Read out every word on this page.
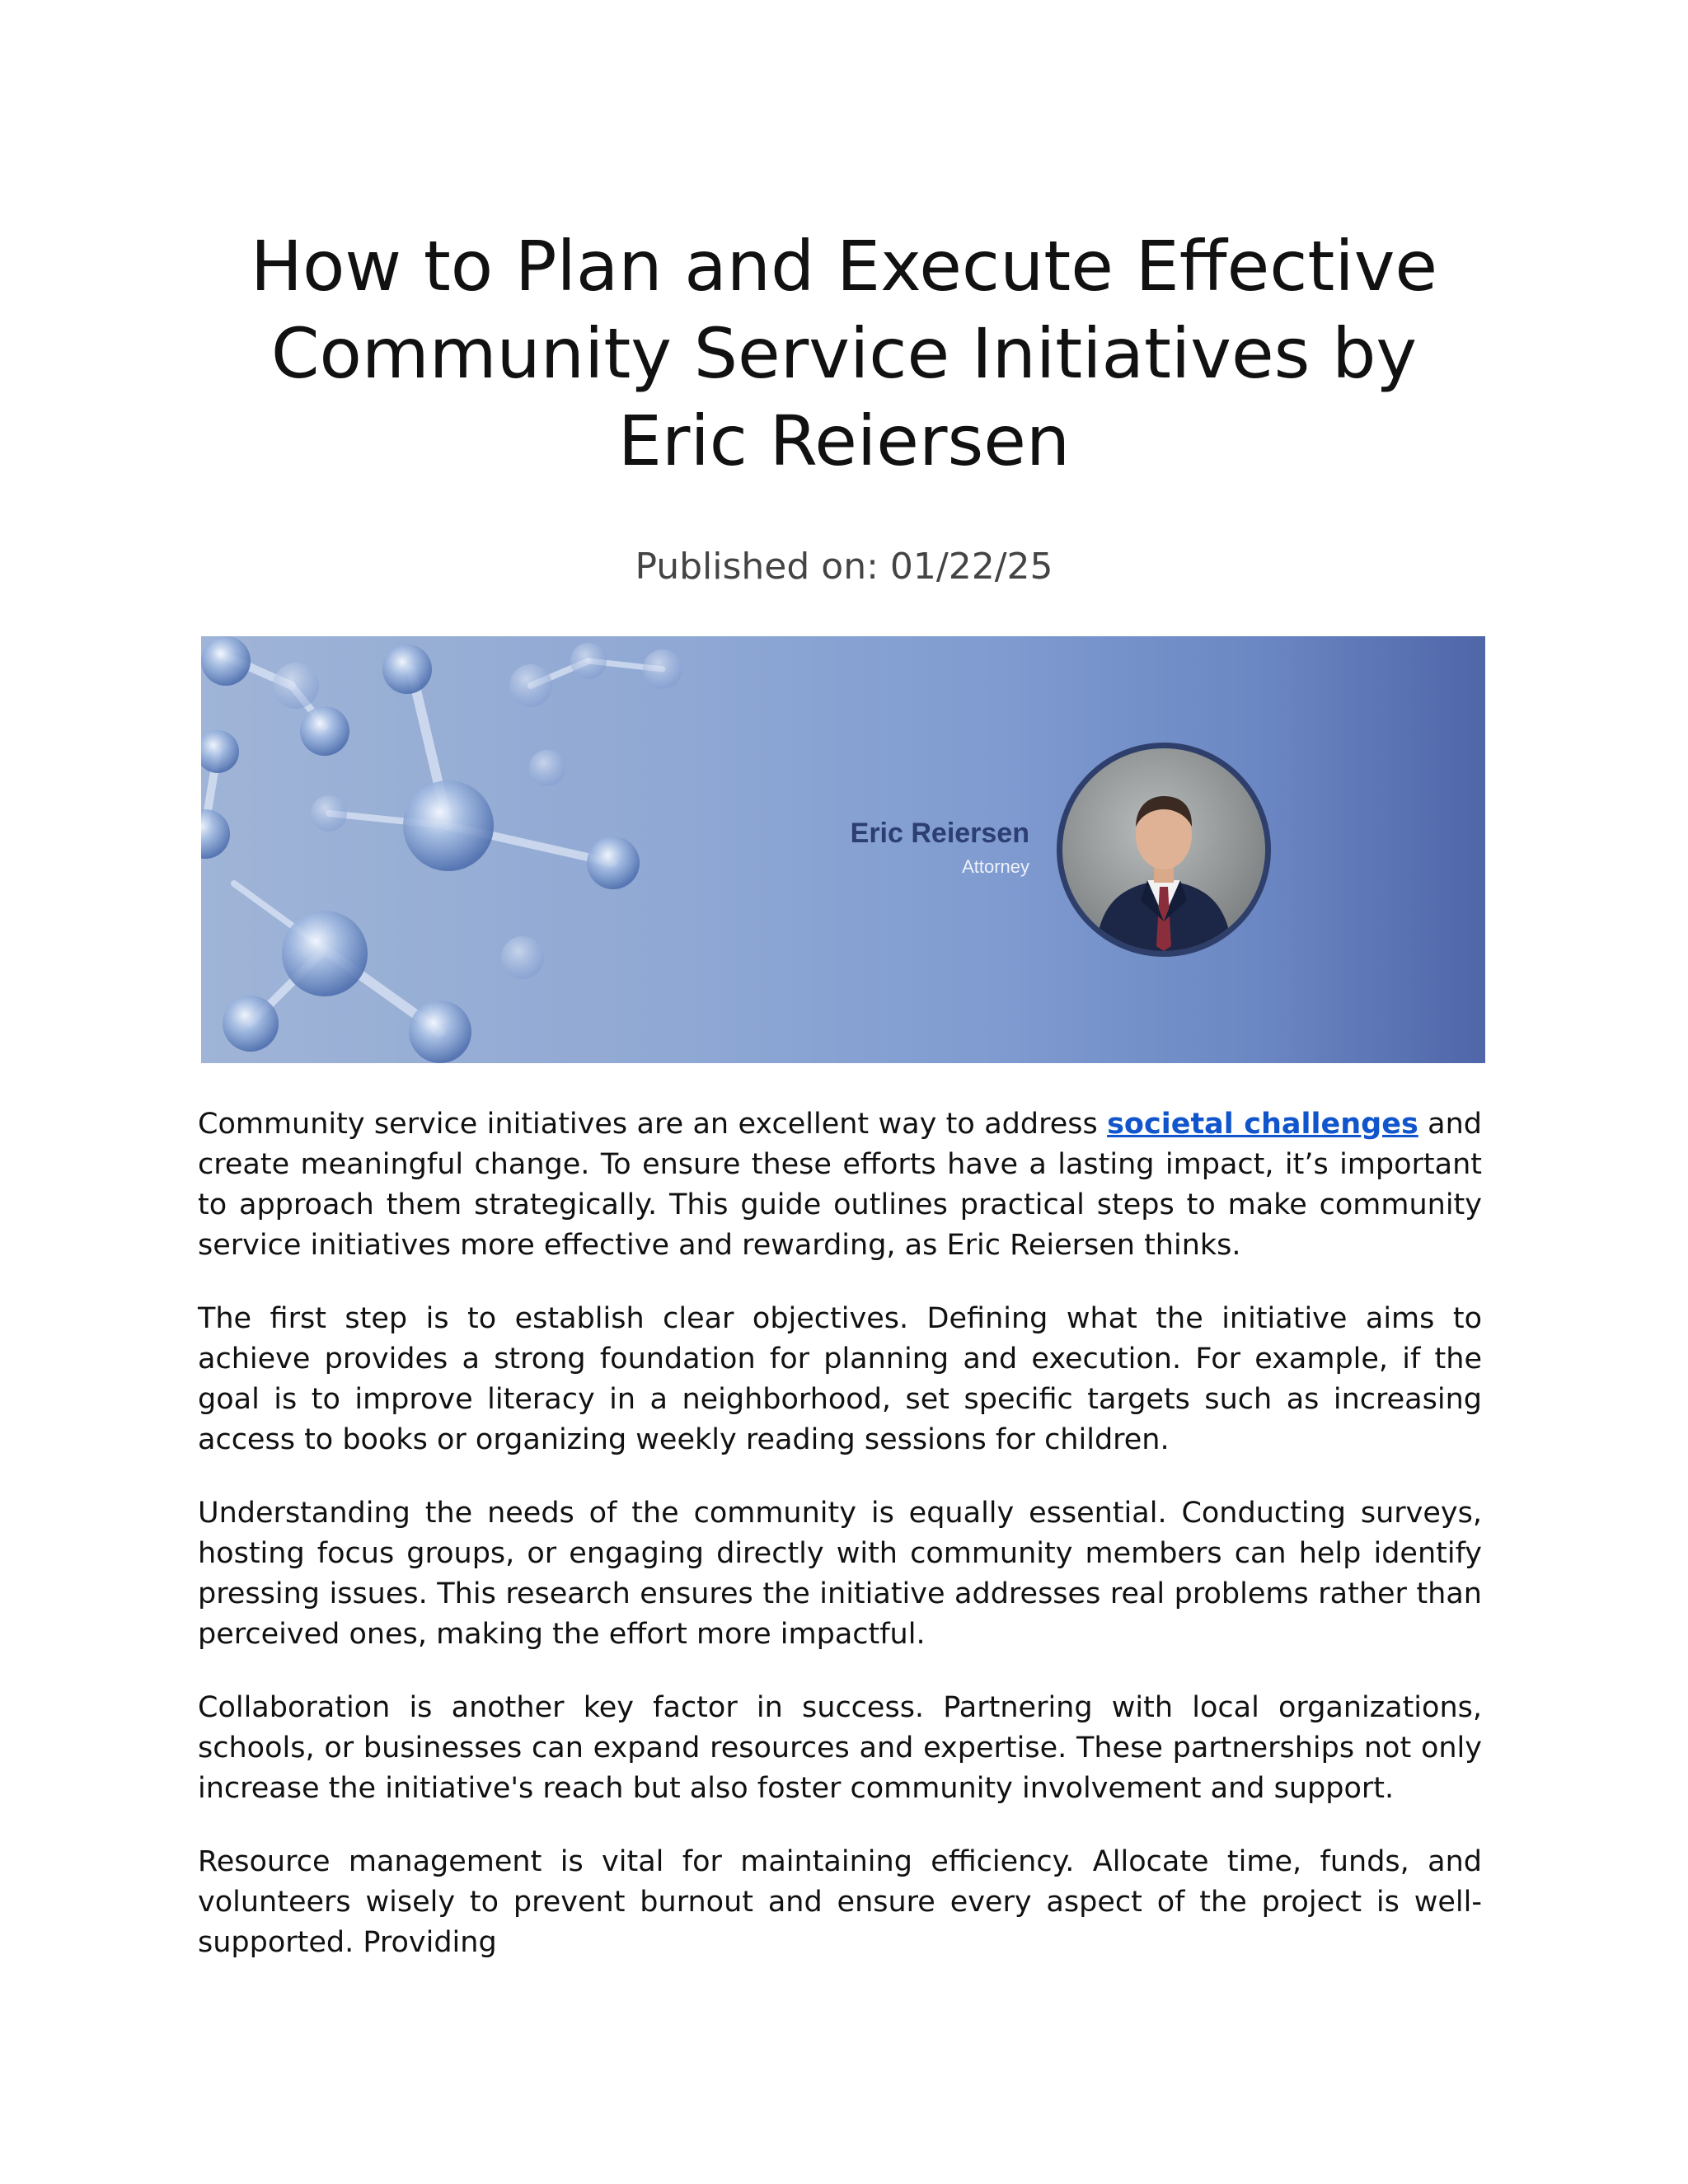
How to Plan and Execute Effective Community Service Initiatives by Eric Reiersen
Published on: 01/22/25
Eric Reiersen
Attorney

Community service initiatives are an excellent way to address societal challenges and create meaningful change. To ensure these efforts have a lasting impact, it’s important to approach them strategically. This guide outlines practical steps to make community service initiatives more effective and rewarding, as Eric Reiersen thinks.

The first step is to establish clear objectives. Defining what the initiative aims to achieve provides a strong foundation for planning and execution. For example, if the goal is to improve literacy in a neighborhood, set specific targets such as increasing access to books or organizing weekly reading sessions for children.

Understanding the needs of the community is equally essential. Conducting surveys, hosting focus groups, or engaging directly with community members can help identify pressing issues. This research ensures the initiative addresses real problems rather than perceived ones, making the effort more impactful.

Collaboration is another key factor in success. Partnering with local organizations, schools, or businesses can expand resources and expertise. These partnerships not only increase the initiative's reach but also foster community involvement and support.

Resource management is vital for maintaining efficiency. Allocate time, funds, and volunteers wisely to prevent burnout and ensure every aspect of the project is well-supported. Providing
